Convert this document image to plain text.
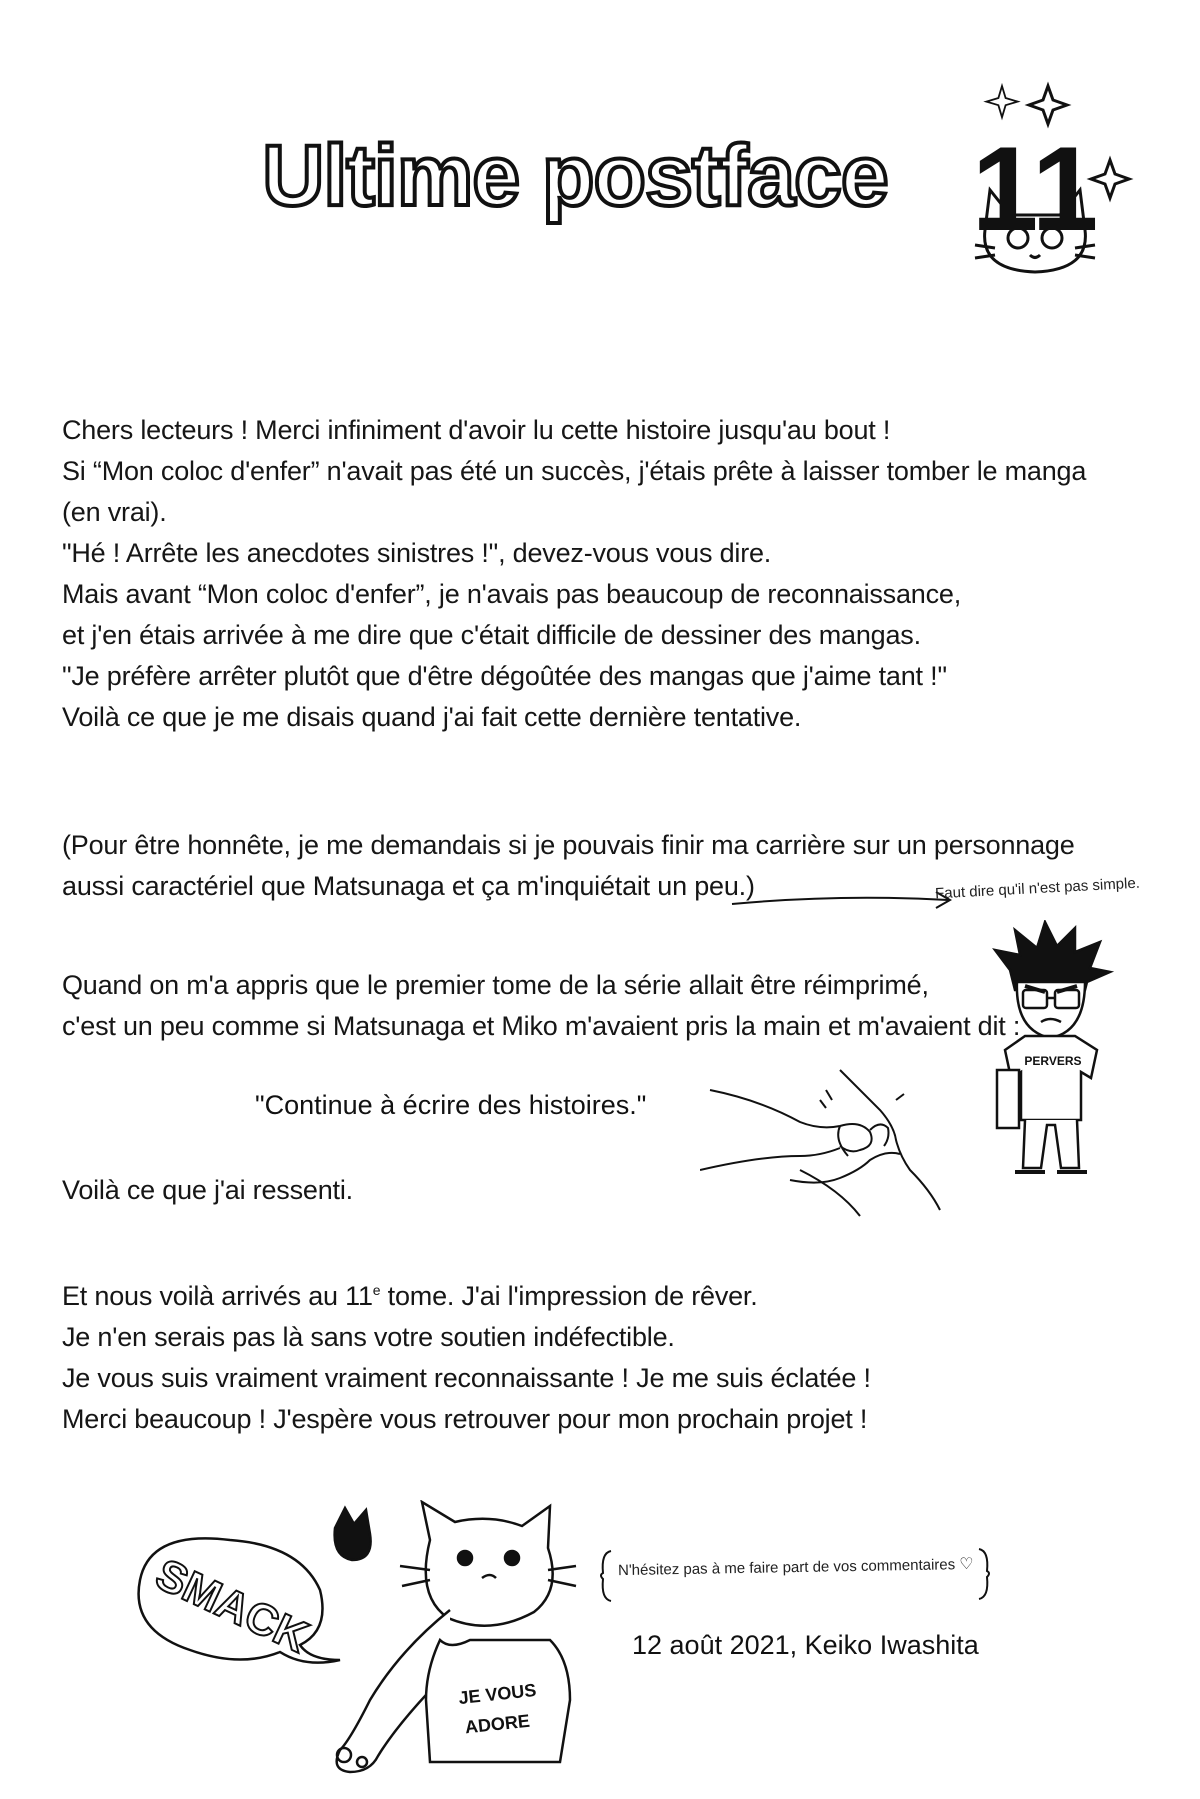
Ultime postface 11
Chers lecteurs ! Merci infiniment d'avoir lu cette histoire jusqu'au bout !
Si “Mon coloc d'enfer” n'avait pas été un succès, j'étais prête à laisser tomber le manga
(en vrai).
"Hé ! Arrête les anecdotes sinistres !", devez-vous vous dire.
Mais avant “Mon coloc d'enfer”, je n'avais pas beaucoup de reconnaissance,
et j'en étais arrivée à me dire que c'était difficile de dessiner des mangas.
"Je préfère arrêter plutôt que d'être dégoûtée des mangas que j'aime tant !"
Voilà ce que je me disais quand j'ai fait cette dernière tentative.
(Pour être honnête, je me demandais si je pouvais finir ma carrière sur un personnage
aussi caractériel que Matsunaga et ça m'inquiétait un peu.)	Faut dire qu'il n'est pas simple.
Quand on m'a appris que le premier tome de la série allait être réimprimé,
c'est un peu comme si Matsunaga et Miko m'avaient pris la main et m'avaient dit :
"Continue à écrire des histoires."
PERVERS
Voilà ce que j'ai ressenti.
Et nous voilà arrivés au 11e tome. J'ai l'impression de rêver.
Je n'en serais pas là sans votre soutien indéfectible.
Je vous suis vraiment vraiment reconnaissante ! Je me suis éclatée !
Merci beaucoup ! J'espère vous retrouver pour mon prochain projet !
SMACK
JE VOUS
ADORE
N'hésitez pas à me faire part de vos commentaires ♡
12 août 2021, Keiko Iwashita
